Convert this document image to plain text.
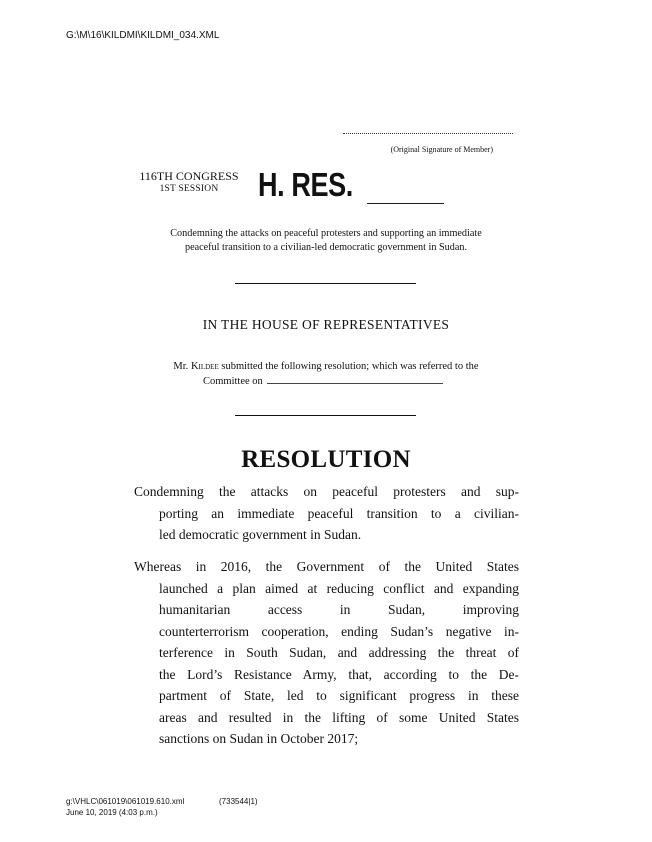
G:\M\16\KILDMI\KILDMI_034.XML
(Original Signature of Member)
116TH CONGRESS
1ST SESSION	H. RES.
Condemning the attacks on peaceful protesters and supporting an immediate
peaceful transition to a civilian-led democratic government in Sudan.
IN THE HOUSE OF REPRESENTATIVES
Mr. Kildee submitted the following resolution; which was referred to the
Committee on
RESOLUTION
Condemning the attacks on peaceful protesters and sup-
porting an immediate peaceful transition to a civilian-
led democratic government in Sudan.
Whereas in 2016, the Government of the United States
launched a plan aimed at reducing conflict and expanding
humanitarian access in Sudan, improving
counterterrorism cooperation, ending Sudan’s negative in-
terference in South Sudan, and addressing the threat of
the Lord’s Resistance Army, that, according to the De-
partment of State, led to significant progress in these
areas and resulted in the lifting of some United States
sanctions on Sudan in October 2017;
g:\VHLC\061019\061019.610.xml
June 10, 2019 (4:03 p.m.)
(733544|1)
